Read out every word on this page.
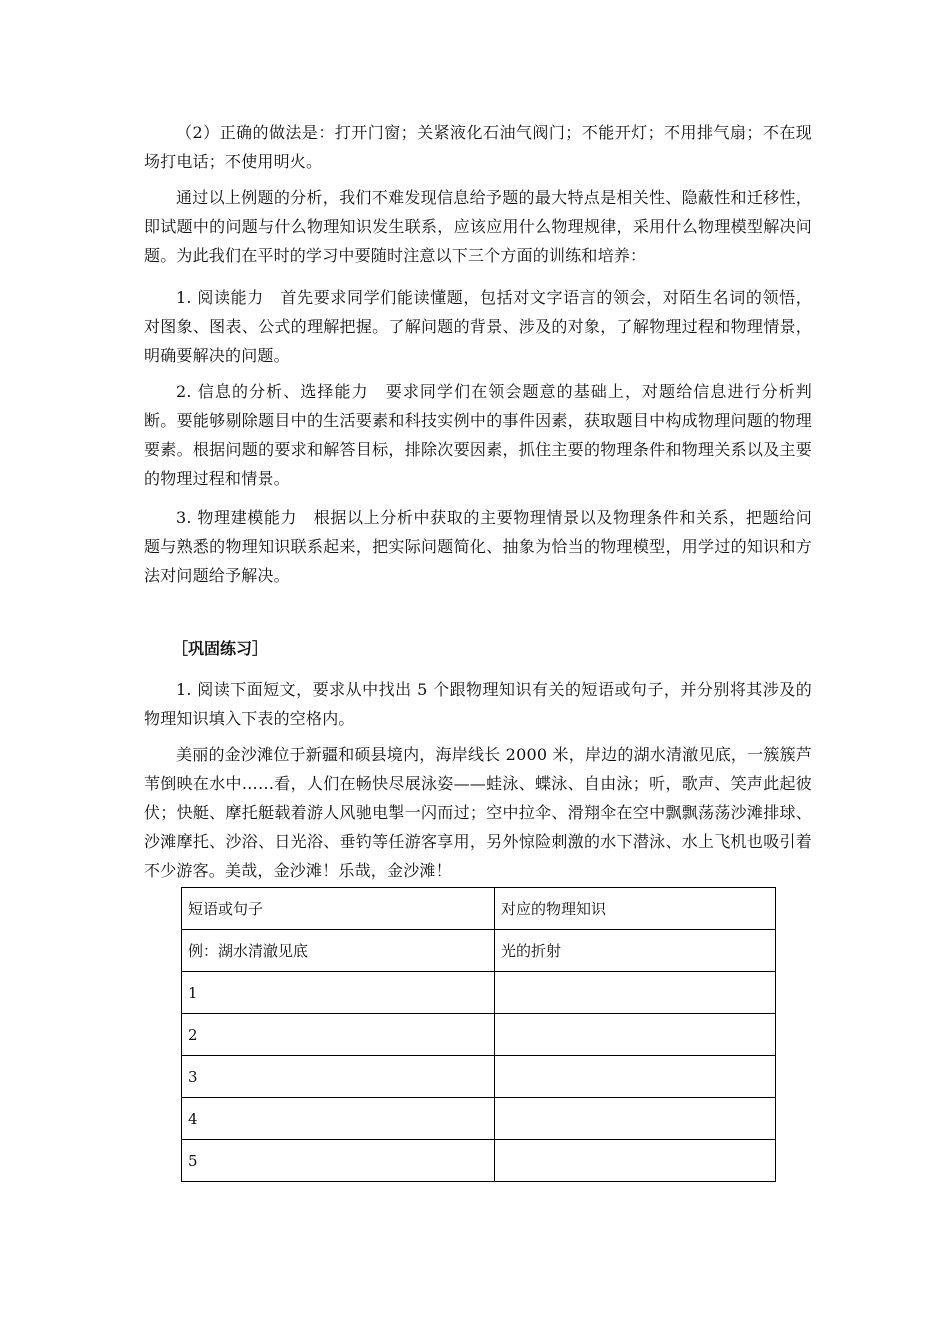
（2）正确的做法是：打开门窗；关紧液化石油气阀门；不能开灯；不用排气扇；不在现场打电话；不使用明火。

通过以上例题的分析，我们不难发现信息给予题的最大特点是相关性、隐蔽性和迁移性，即试题中的问题与什么物理知识发生联系，应该应用什么物理规律，采用什么物理模型解决问题。为此我们在平时的学习中要随时注意以下三个方面的训练和培养：

1. 阅读能力　首先要求同学们能读懂题，包括对文字语言的领会，对陌生名词的领悟，对图象、图表、公式的理解把握。了解问题的背景、涉及的对象，了解物理过程和物理情景，明确要解决的问题。

2. 信息的分析、选择能力　要求同学们在领会题意的基础上，对题给信息进行分析判断。要能够剔除题目中的生活要素和科技实例中的事件因素，获取题目中构成物理问题的物理要素。根据问题的要求和解答目标，排除次要因素，抓住主要的物理条件和物理关系以及主要的物理过程和情景。

3. 物理建模能力　根据以上分析中获取的主要物理情景以及物理条件和关系，把题给问题与熟悉的物理知识联系起来，把实际问题简化、抽象为恰当的物理模型，用学过的知识和方法对问题给予解决。

［巩固练习］

1. 阅读下面短文，要求从中找出 5 个跟物理知识有关的短语或句子，并分别将其涉及的物理知识填入下表的空格内。

美丽的金沙滩位于新疆和硕县境内，海岸线长 2000 米，岸边的湖水清澈见底，一簇簇芦苇倒映在水中……看，人们在畅快尽展泳姿——蛙泳、蝶泳、自由泳；听，歌声、笑声此起彼伏；快艇、摩托艇载着游人风驰电掣一闪而过；空中拉伞、滑翔伞在空中飘飘荡荡沙滩排球、沙滩摩托、沙浴、日光浴、垂钓等任游客享用，另外惊险刺激的水下潜泳、水上飞机也吸引着不少游客。美哉，金沙滩！乐哉，金沙滩！

短语或句子	对应的物理知识
例：湖水清澈见底	光的折射
1	
2	
3	
4	
5	
